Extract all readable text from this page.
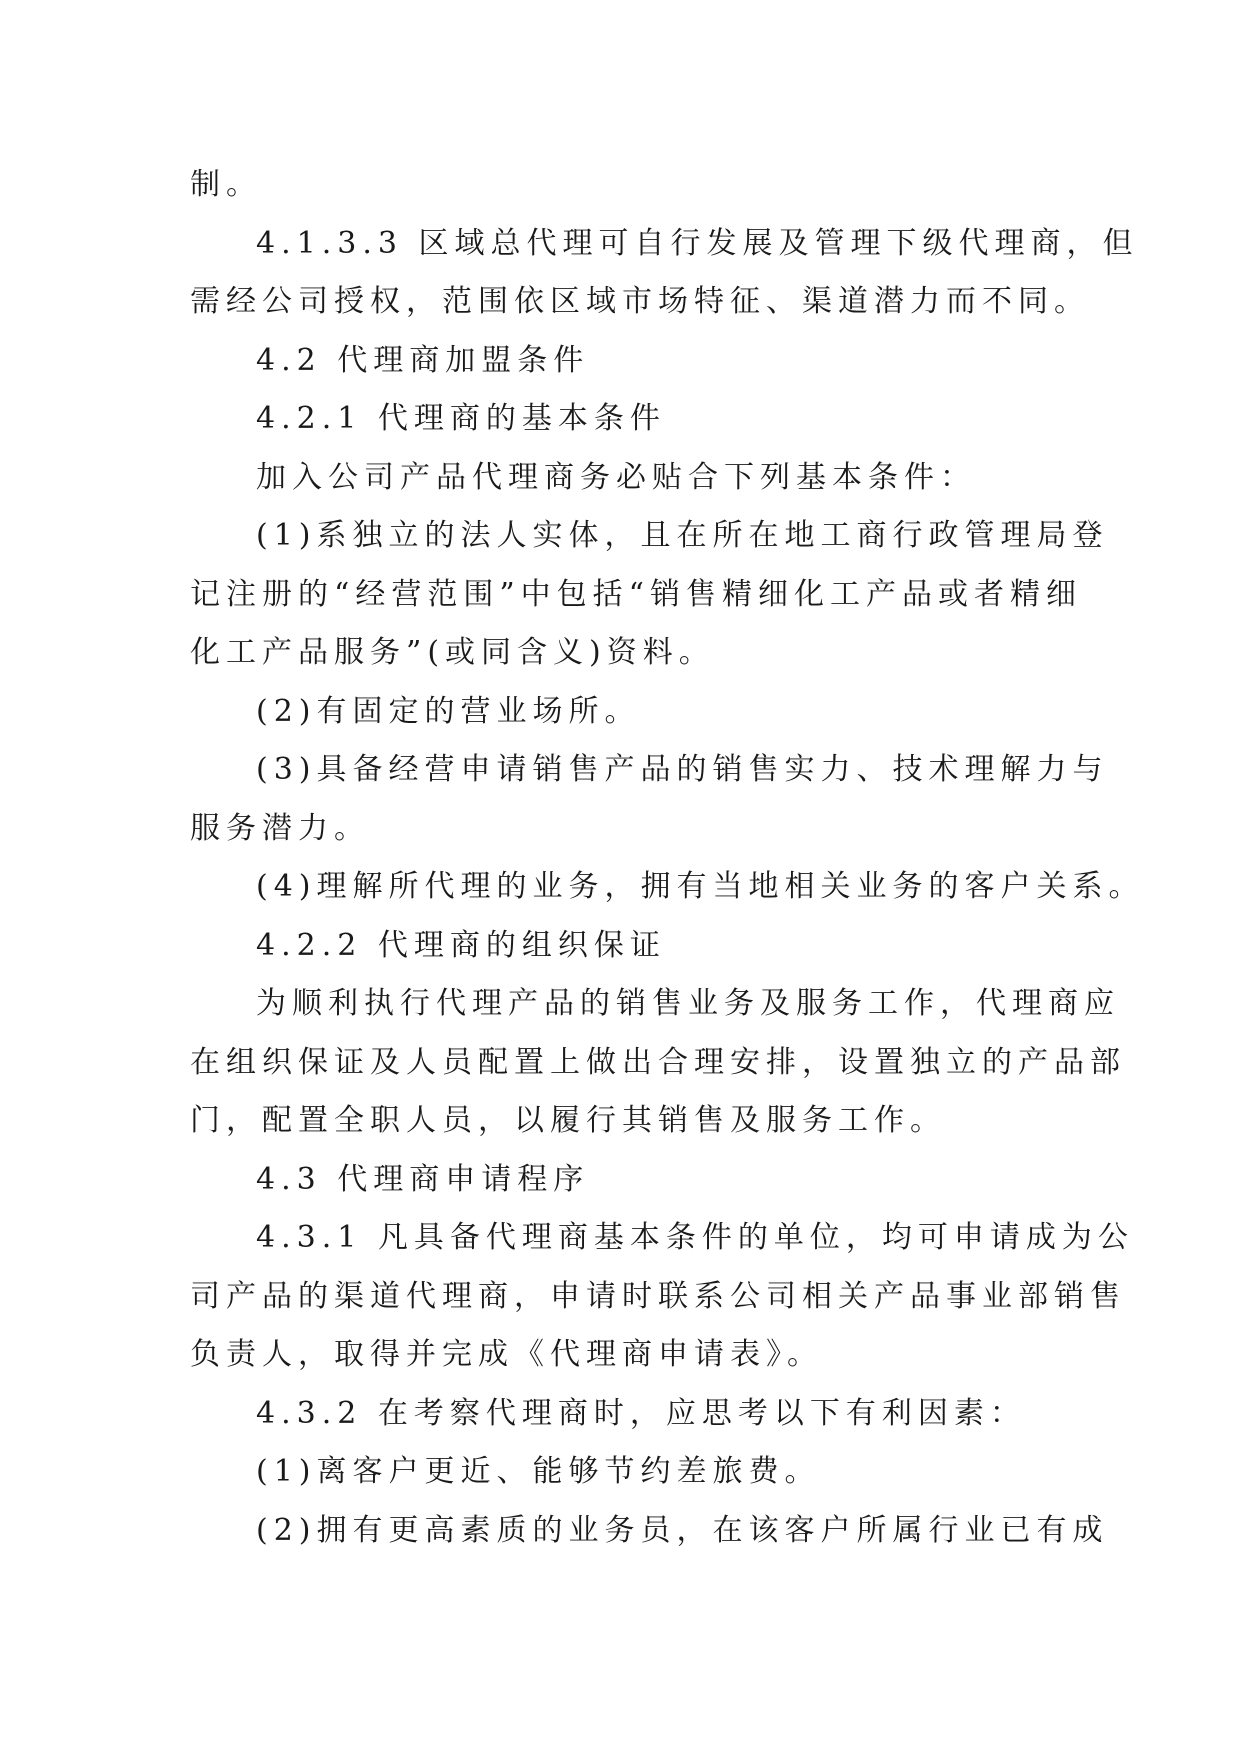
制。
4.1.3.3 区域总代理可自行发展及管理下级代理商，但
需经公司授权，范围依区域市场特征、渠道潜力而不同。
4.2 代理商加盟条件
4.2.1 代理商的基本条件
加入公司产品代理商务必贴合下列基本条件：
(1)系独立的法人实体，且在所在地工商行政管理局登
记注册的“经营范围”中包括“销售精细化工产品或者精细
化工产品服务”(或同含义)资料。
(2)有固定的营业场所。
(3)具备经营申请销售产品的销售实力、技术理解力与
服务潜力。
(4)理解所代理的业务，拥有当地相关业务的客户关系。
4.2.2 代理商的组织保证
为顺利执行代理产品的销售业务及服务工作，代理商应
在组织保证及人员配置上做出合理安排，设置独立的产品部
门，配置全职人员，以履行其销售及服务工作。
4.3 代理商申请程序
4.3.1 凡具备代理商基本条件的单位，均可申请成为公
司产品的渠道代理商，申请时联系公司相关产品事业部销售
负责人，取得并完成《代理商申请表》。
4.3.2 在考察代理商时，应思考以下有利因素：
(1)离客户更近、能够节约差旅费。
(2)拥有更高素质的业务员，在该客户所属行业已有成
